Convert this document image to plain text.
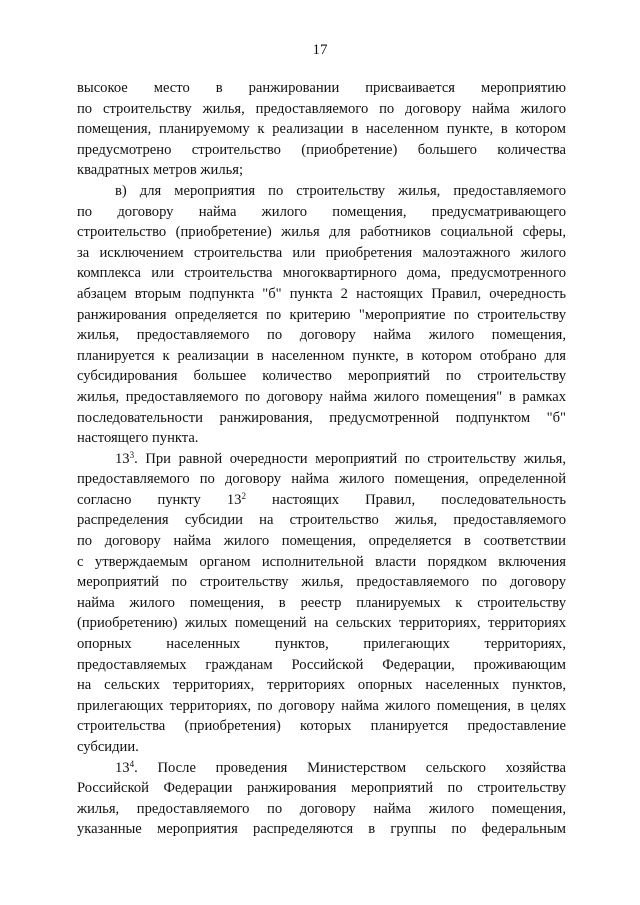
17
высокое место в ранжировании присваивается мероприятию
по строительству жилья, предоставляемого по договору найма жилого
помещения, планируемому к реализации в населенном пункте, в котором
предусмотрено строительство (приобретение) большего количества
квадратных метров жилья;
в) для мероприятия по строительству жилья, предоставляемого
по договору найма жилого помещения, предусматривающего
строительство (приобретение) жилья для работников социальной сферы,
за исключением строительства или приобретения малоэтажного жилого
комплекса или строительства многоквартирного дома, предусмотренного
абзацем вторым подпункта "б" пункта 2 настоящих Правил, очередность
ранжирования определяется по критерию "мероприятие по строительству
жилья, предоставляемого по договору найма жилого помещения,
планируется к реализации в населенном пункте, в котором отобрано для
субсидирования большее количество мероприятий по строительству
жилья, предоставляемого по договору найма жилого помещения" в рамках
последовательности ранжирования, предусмотренной подпунктом "б"
настоящего пункта.
$13^3$. При равной очередности мероприятий по строительству жилья,
предоставляемого по договору найма жилого помещения, определенной
согласно пункту $13^2$ настоящих Правил, последовательность
распределения субсидии на строительство жилья, предоставляемого
по договору найма жилого помещения, определяется в соответствии
с утверждаемым органом исполнительной власти порядком включения
мероприятий по строительству жилья, предоставляемого по договору
найма жилого помещения, в реестр планируемых к строительству
(приобретению) жилых помещений на сельских территориях, территориях
опорных населенных пунктов, прилегающих территориях,
предоставляемых гражданам Российской Федерации, проживающим
на сельских территориях, территориях опорных населенных пунктов,
прилегающих территориях, по договору найма жилого помещения, в целях
строительства (приобретения) которых планируется предоставление
субсидии.
$13^4$. После проведения Министерством сельского хозяйства
Российской Федерации ранжирования мероприятий по строительству
жилья, предоставляемого по договору найма жилого помещения,
указанные мероприятия распределяются в группы по федеральным
